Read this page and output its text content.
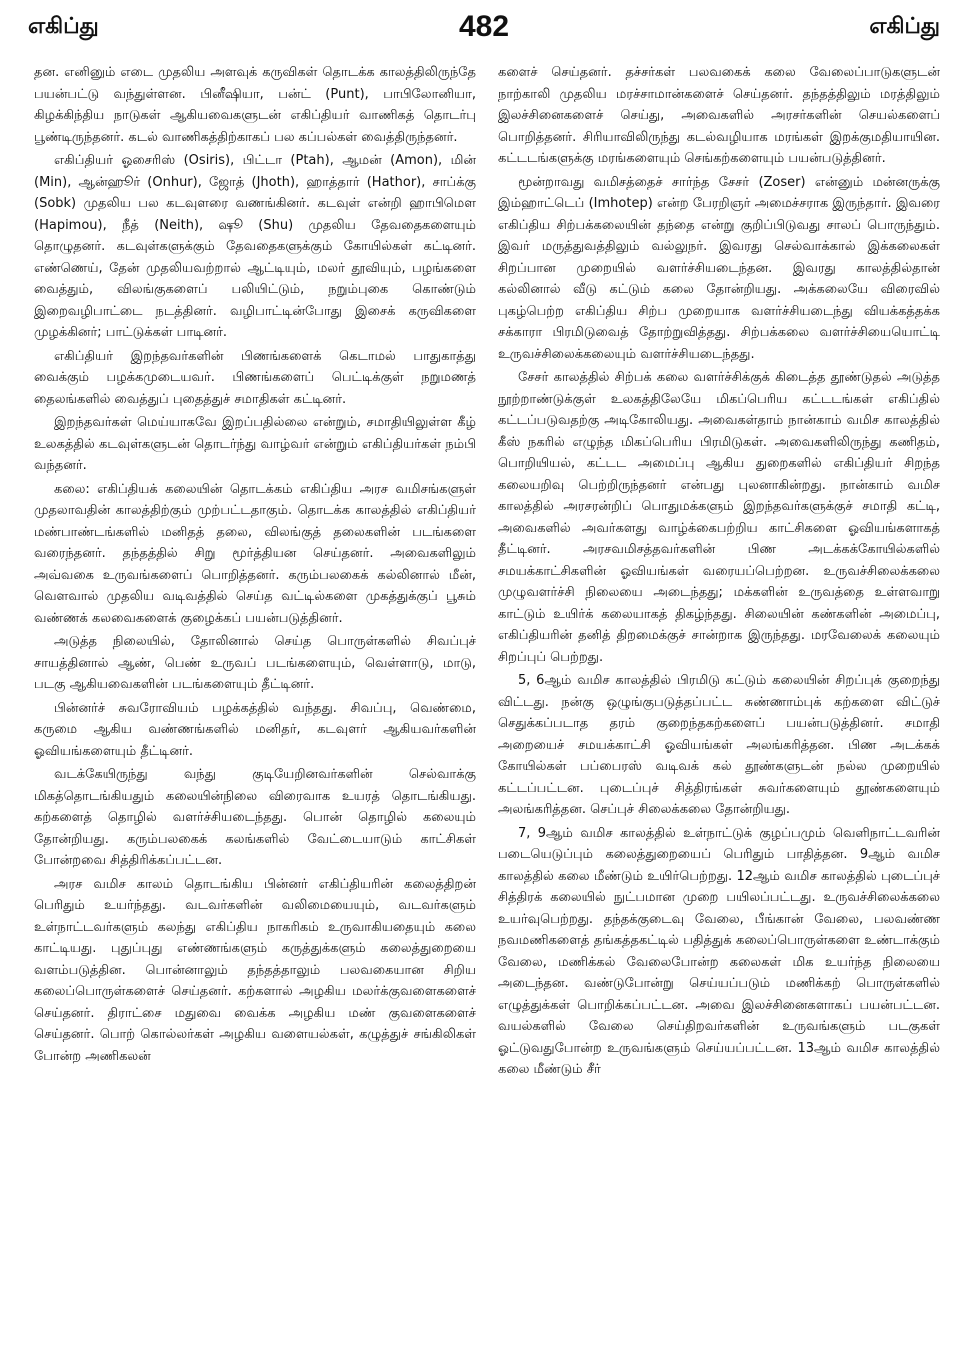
எகிப்து	482	எகிப்து

தன. எனினும் எடை முதலிய அளவுக் கருவிகள் தொடக்க காலத்திலிருந்தே பயன்பட்டு வந்துள்ளன. பினீஷியா, பன்ட் (Punt), பாபிலோனியா, கிழக்கிந்திய நாடுகள் ஆகியவைகளுடன் எகிப்தியர் வாணிகத் தொடர்பு பூண்டிருந்தனர். கடல் வாணிகத்திற்காகப் பல கப்பல்கள் வைத்திருந்தனர்.

எகிப்தியர் ஓசைரிஸ் (Osiris), பிட்டா (Ptah), ஆமன் (Amon), மின் (Min), ஆன்ஹூர் (Onhur), ஜோத் (Jhoth), ஹாத்தார் (Hathor), சாப்க்கு (Sobk) முதலிய பல கடவுளரை வணங்கினர். கடவுள் என்றி ஹாபிமௌ (Hapimou), நீத் (Neith), ஷூ (Shu) முதலிய தேவதைகளையும் தொழுதனர். கடவுள்களுக்கும் தேவதைகளுக்கும் கோயில்கள் கட்டினர். எண்ணெய், தேன் முதலியவற்றால் ஆட்டியும், மலர் தூவியும், பழங்களை வைத்தும், விலங்குகளைப் பலியிட்டும், நறும்புகை கொண்டும் இறைவழிபாட்டை நடத்தினர். வழிபாட்டின்போது இசைக் கருவிகளை முழக்கினர்; பாட்டுக்கள் பாடினர்.

எகிப்தியர் இறந்தவர்களின் பிணங்களைக் கெடாமல் பாதுகாத்து வைக்கும் பழக்கமுடையவர். பிணங்களைப் பெட்டிக்குள் நறுமணத் தைலங்களில் வைத்துப் புதைத்துச் சமாதிகள் கட்டினர்.

இறந்தவர்கள் மெய்யாகவே இறப்பதில்லை என்றும், சமாதியிலுள்ள கீழ் உலகத்தில் கடவுள்களுடன் தொடர்ந்து வாழ்வர் என்றும் எகிப்தியர்கள் நம்பி வந்தனர்.

கலை: எகிப்தியக் கலையின் தொடக்கம் எகிப்திய அரச வமிசங்களுள் முதலாவதின் காலத்திற்கும் முற்பட்டதாகும். தொடக்க காலத்தில் எகிப்தியர் மண்பாண்டங்களில் மனிதத் தலை, விலங்குத் தலைகளின் படங்களை வரைந்தனர். தந்தத்தில் சிறு மூர்த்தியன செய்தனர். அவைகளிலும் அவ்வகை உருவங்களைப் பொறித்தனர். கரும்பலகைக் கல்லினால் மீன், வௌவால் முதலிய வடிவத்தில் செய்த வட்டில்களை முகத்துக்குப் பூசும் வண்ணக் கலவைகளைக் குழைக்கப் பயன்படுத்தினர்.

அடுத்த நிலையில், தோலினால் செய்த பொருள்களில் சிவப்புச் சாயத்தினால் ஆண், பெண் உருவப் படங்களையும், வெள்ளாடு, மாடு, படகு ஆகியவைகளின் படங்களையும் தீட்டினர்.

பின்னர்ச் சுவரோவியம் பழக்கத்தில் வந்தது. சிவப்பு, வெண்மை, கருமை ஆகிய வண்ணங்களில் மனிதர், கடவுளர் ஆகியவர்களின் ஓவியங்களையும் தீட்டினர்.

வடக்கேயிருந்து வந்து குடியேறினவர்களின் செல்வாக்கு மிகத்தொடங்கியதும் கலையின்நிலை விரைவாக உயரத் தொடங்கியது. கற்களைத் தொழில் வளர்ச்சியடைந்தது. பொன் தொழில் கலையும் தோன்றியது. கரும்பலகைக் கலங்களில் வேட்டையாடும் காட்சிகள் போன்றவை சித்திரிக்கப்பட்டன.

அரச வமிச காலம் தொடங்கிய பின்னர் எகிப்தியரின் கலைத்திறன் பெரிதும் உயர்ந்தது. வடவர்களின் வலிமையையும், வடவர்களும் உள்நாட்டவர்களும் கலந்து எகிப்திய நாகரிகம் உருவாகியதையும் கலை காட்டியது. புதுப்புது எண்ணங்களும் கருத்துக்களும் கலைத்துறையை வளம்படுத்தின. பொன்னாலும் தந்தத்தாலும் பலவகையான சிறிய கலைப்பொருள்களைச் செய்தனர். கற்களால் அழகிய மலர்க்குவளைகளைச் செய்தனர். திராட்சை மதுவை வைக்க அழகிய மண் குவளைகளைச் செய்தனர். பொற் கொல்லர்கள் அழகிய வளையல்கள், கழுத்துச் சங்கிலிகள் போன்ற அணிகலன்

களைச் செய்தனர். தச்சர்கள் பலவகைக் கலை வேலைப்பாடுகளுடன் நாற்காலி முதலிய மரச்சாமான்களைச் செய்தனர். தந்தத்திலும் மரத்திலும் இலச்சினைகளைச் செய்து, அவைகளில் அரசர்களின் செயல்களைப் பொறித்தனர். சிரியாவிலிருந்து கடல்வழியாக மரங்கள் இறக்குமதியாயின. கட்டடங்களுக்கு மரங்களையும் செங்கற்களையும் பயன்படுத்தினர்.

மூன்றாவது வமிசத்தைச் சார்ந்த சேசர் (Zoser) என்னும் மன்னருக்கு இம்ஹாட்டெப் (Imhotep) என்ற பேரறிஞர் அமைச்சராக இருந்தார். இவரை எகிப்திய சிற்பக்கலையின் தந்தை என்று குறிப்பிடுவது சாலப் பொருந்தும். இவர் மருத்துவத்திலும் வல்லுநர். இவரது செல்வாக்கால் இக்கலைகள் சிறப்பான முறையில் வளர்ச்சியடைந்தன. இவரது காலத்தில்தான் கல்லினால் வீடு கட்டும் கலை தோன்றியது. அக்கலையே விரைவில் புகழ்பெற்ற எகிப்திய சிற்ப முறையாக வளர்ச்சியடைந்து வியக்கத்தக்க சக்காரா பிரமிடுவைத் தோற்றுவித்தது. சிற்பக்கலை வளர்ச்சியையொட்டி உருவச்சிலைக்கலையும் வளர்ச்சியடைந்தது.

சேசர் காலத்தில் சிற்பக் கலை வளர்ச்சிக்குக் கிடைத்த தூண்டுதல் அடுத்த நூற்றாண்டுக்குள் உலகத்திலேயே மிகப்பெரிய கட்டடங்கள் எகிப்தில் கட்டப்படுவதற்கு அடிகோலியது. அவைகள்தாம் நான்காம் வமிச காலத்தில் கீஸ் நகரில் எழுந்த மிகப்பெரிய பிரமிடுகள். அவைகளிலிருந்து கணிதம், பொறியியல், கட்டட அமைப்பு ஆகிய துறைகளில் எகிப்தியர் சிறந்த கலையறிவு பெற்றிருந்தனர் என்பது புலனாகின்றது. நான்காம் வமிச காலத்தில் அரசரன்றிப் பொதுமக்களும் இறந்தவர்களுக்குச் சமாதி கட்டி, அவைகளில் அவர்களது வாழ்க்கைபற்றிய காட்சிகளை ஓவியங்களாகத் தீட்டினர். அரசவமிசத்தவர்களின் பிண அடக்கக்கோயில்களில் சமயக்காட்சிகளின் ஓவியங்கள் வரையப்பெற்றன. உருவச்சிலைக்கலை முழுவளர்ச்சி நிலையை அடைந்தது; மக்களின் உருவத்தை உள்ளவாறு காட்டும் உயிர்க் கலையாகத் திகழ்ந்தது. சிலையின் கண்களின் அமைப்பு, எகிப்தியரின் தனித் திறமைக்குச் சான்றாக இருந்தது. மரவேலைக் கலையும் சிறப்புப் பெற்றது.

5, 6ஆம் வமிச காலத்தில் பிரமிடு கட்டும் கலையின் சிறப்புக் குறைந்து விட்டது. நன்கு ஒழுங்குபடுத்தப்பட்ட சுண்ணாம்புக் கற்களை விட்டுச் செதுக்கப்படாத தரம் குறைந்தகற்களைப் பயன்படுத்தினர். சமாதி அறையைச் சமயக்காட்சி ஓவியங்கள் அலங்கரித்தன. பிண அடக்கக் கோயில்கள் பப்பைரஸ் வடிவக் கல் தூண்களுடன் நல்ல முறையில் கட்டப்பட்டன. புடைப்புச் சித்திரங்கள் சுவர்களையும் தூண்களையும் அலங்கரித்தன. செப்புச் சிலைக்கலை தோன்றியது.

7, 9ஆம் வமிச காலத்தில் உள்நாட்டுக் குழப்பமும் வெளிநாட்டவரின் படையெடுப்பும் கலைத்துறையைப் பெரிதும் பாதித்தன. 9ஆம் வமிச காலத்தில் கலை மீண்டும் உயிர்பெற்றது. 12ஆம் வமிச காலத்தில் புடைப்புச் சித்திரக் கலையில் நுட்பமான முறை பயிலப்பட்டது. உருவச்சிலைக்கலை உயர்வுபெற்றது. தந்தக்குடைவு வேலை, பீங்கான் வேலை, பலவண்ண நவமணிகளைத் தங்கத்தகட்டில் பதித்துக் கலைப்பொருள்களை உண்டாக்கும் வேலை, மணிக்கல் வேலைபோன்ற கலைகள் மிக உயர்ந்த நிலையை அடைந்தன. வண்டுபோன்று செய்யப்படும் மணிக்கற் பொருள்களில் எழுத்துக்கள் பொறிக்கப்பட்டன. அவை இலச்சினைகளாகப் பயன்பட்டன. வயல்களில் வேலை செய்திறவர்களின் உருவங்களும் படகுகள் ஓட்டுவதுபோன்ற உருவங்களும் செய்யப்பட்டன. 13ஆம் வமிச காலத்தில் கலை மீண்டும் சீர்
